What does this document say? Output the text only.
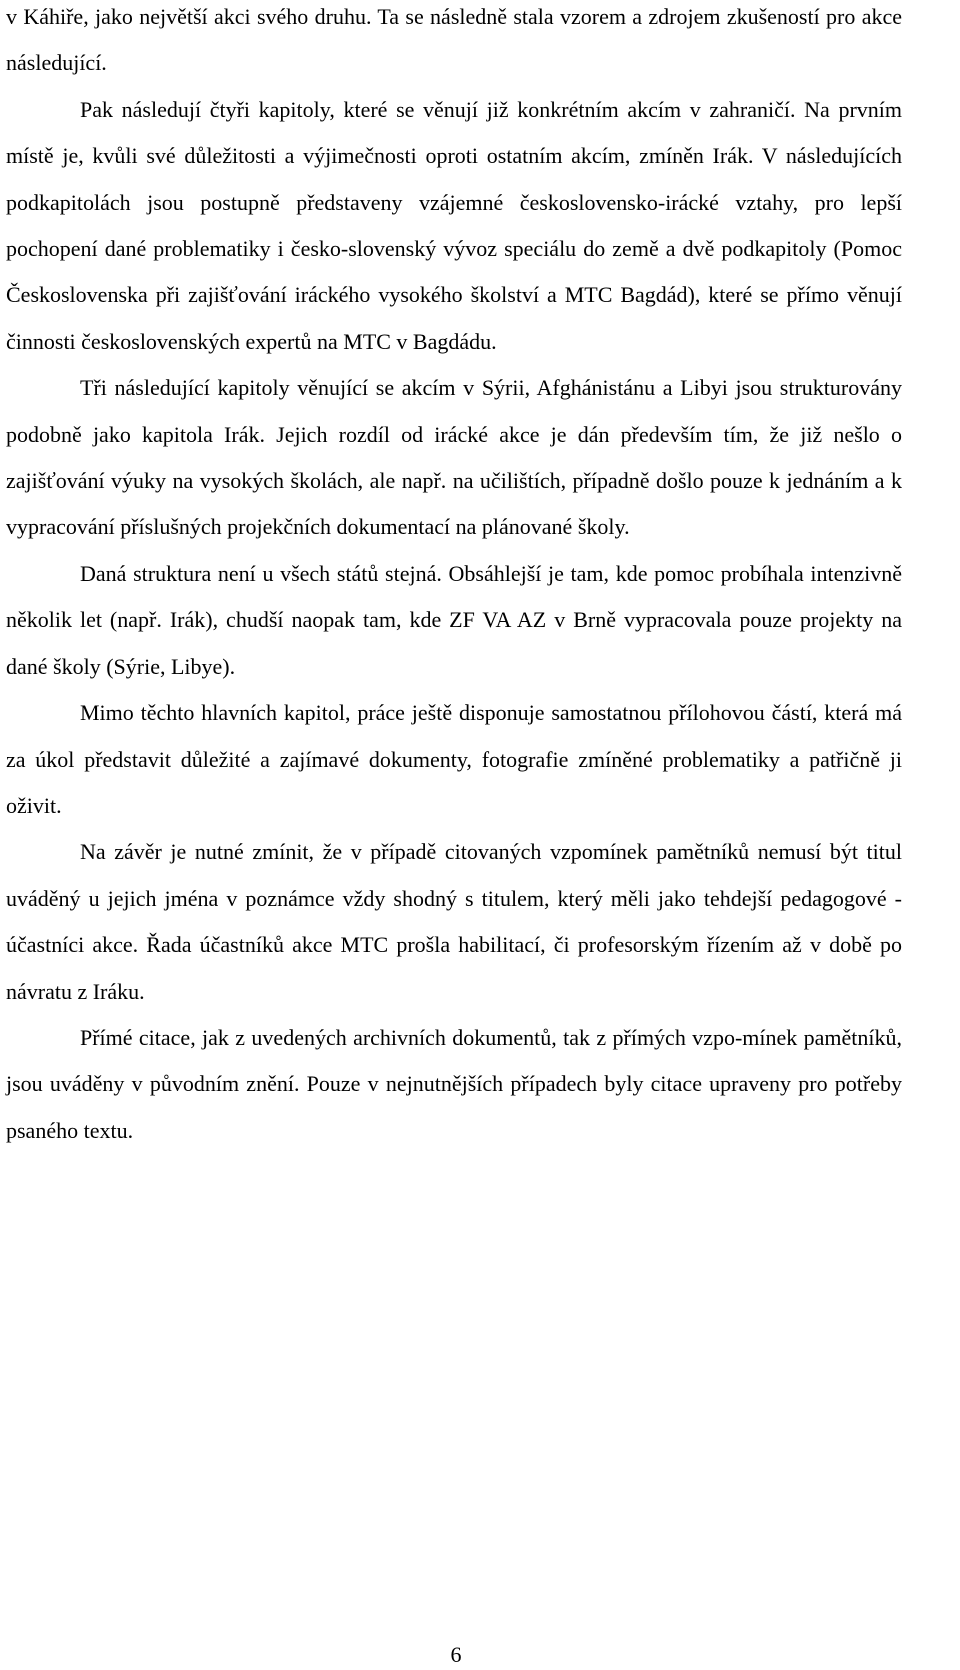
v Káhiře, jako největší akci svého druhu. Ta se následně stala vzorem a zdrojem zkušeností pro akce následující.

Pak následují čtyři kapitoly, které se věnují již konkrétním akcím v zahraničí. Na prvním místě je, kvůli své důležitosti a výjimečnosti oproti ostatním akcím, zmíněn Irák. V následujících podkapitolách jsou postupně představeny vzájemné československo-irácké vztahy, pro lepší pochopení dané problematiky i česko-slovenský vývoz speciálu do země a dvě podkapitoly (Pomoc Československa při zajišťování iráckého vysokého školství a MTC Bagdád), které se přímo věnují činnosti československých expertů na MTC v Bagdádu.

Tři následující kapitoly věnující se akcím v Sýrii, Afghánistánu a Libyi jsou strukturovány podobně jako kapitola Irák. Jejich rozdíl od irácké akce je dán především tím, že již nešlo o zajišťování výuky na vysokých školách, ale např. na učilištích, případně došlo pouze k jednáním a k vypracování příslušných projekčních dokumentací na plánované školy.

Daná struktura není u všech států stejná. Obsáhlejší je tam, kde pomoc probíhala intenzivně několik let (např. Irák), chudší naopak tam, kde ZF VA AZ v Brně vypracovala pouze projekty na dané školy (Sýrie, Libye).

Mimo těchto hlavních kapitol, práce ještě disponuje samostatnou přílohovou částí, která má za úkol představit důležité a zajímavé dokumenty, fotografie zmíněné problematiky a patřičně ji oživit.

Na závěr je nutné zmínit, že v případě citovaných vzpomínek pamětníků nemusí být titul uváděný u jejich jména v poznámce vždy shodný s titulem, který měli jako tehdejší pedagogové - účastníci akce. Řada účastníků akce MTC prošla habilitací, či profesorským řízením až v době po návratu z Iráku.

Přímé citace, jak z uvedených archivních dokumentů, tak z přímých vzpo-mínek pamětníků, jsou uváděny v původním znění. Pouze v nejnutnějších případech byly citace upraveny pro potřeby psaného textu.

6
